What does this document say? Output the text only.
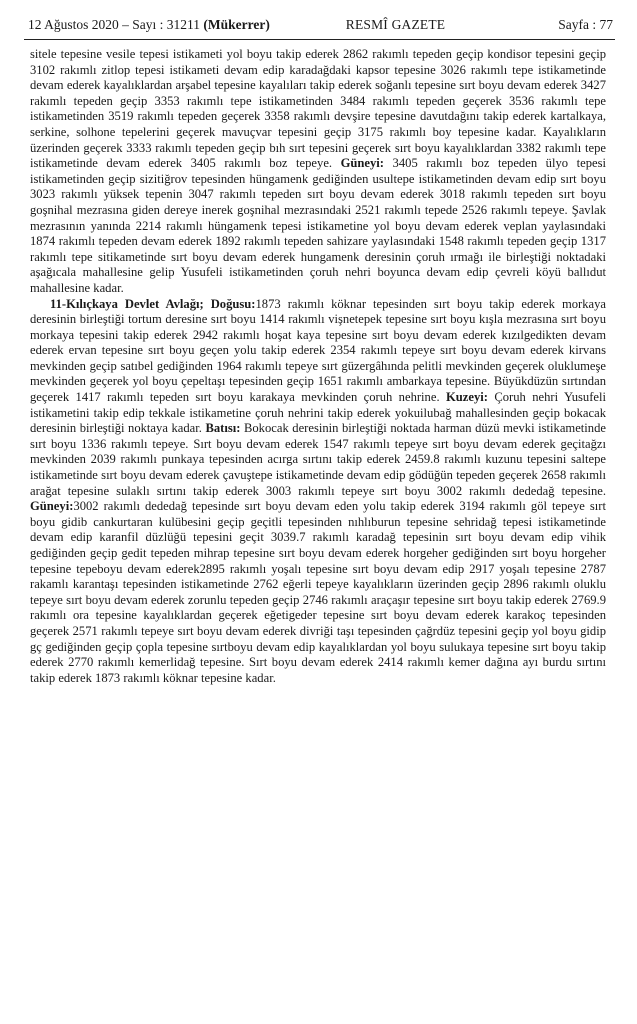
12 Ağustos 2020 – Sayı : 31211 (Mükerrer)	RESMÎ GAZETE	Sayfa : 77

sitele tepesine vesile tepesi istikameti yol boyu takip ederek 2862 rakımlı tepeden geçip kondisor tepesini geçip 3102 rakımlı zitlop tepesi istikameti devam edip karadağdaki kapsor tepesine 3026 rakımlı tepe istikametinde devam ederek kayalıklardan arşabel tepesine kayalıları takip ederek soğanlı tepesine sırt boyu devam ederek 3427 rakımlı tepeden geçip 3353 rakımlı tepe istikametinden 3484 rakımlı tepeden geçerek 3536 rakımlı tepe istikametinden 3519 rakımlı tepeden geçerek 3358 rakımlı devşire tepesine davutdağını takip ederek kartalkaya, serkine, solhone tepelerini geçerek mavuçvar tepesini geçip 3175 rakımlı boy tepesine kadar. Kayalıkların üzerinden geçerek 3333 rakımlı tepeden geçip bıh sırt tepesini geçerek sırt boyu kayalıklardan 3382 rakımlı tepe istikametinde devam ederek 3405 rakımlı boz tepeye. Güneyi: 3405 rakımlı boz tepeden ülyo tepesi istikametinden geçip sizitiğrov tepesinden hüngamenk gediğinden usultepe istikametinden devam edip sırt boyu 3023 rakımlı yüksek tepenin 3047 rakımlı tepeden sırt boyu devam ederek 3018 rakımlı tepeden sırt boyu goşnihal mezrasına giden dereye inerek goşnihal mezrasındaki 2521 rakımlı tepede 2526 rakımlı tepeye. Şavlak mezrasının yanında 2214 rakımlı hüngamenk tepesi istikametine yol boyu devam ederek veplan yaylasındaki 1874 rakımlı tepeden devam ederek 1892 rakımlı tepeden sahizare yaylasındaki 1548 rakımlı tepeden geçip 1317 rakımlı tepe sitikametinde sırt boyu devam ederek hungamenk deresinin çoruh ırmağı ile birleştiği noktadaki aşağıcala mahallesine gelip Yusufeli istikametinden çoruh nehri boyunca devam edip çevreli köyü ballıdut mahallesine kadar.

11-Kılıçkaya Devlet Avlağı; Doğusu:1873 rakımlı köknar tepesinden sırt boyu takip ederek morkaya deresinin birleştiği tortum deresine sırt boyu 1414 rakımlı vişnetepek tepesine sırt boyu kışla mezrasına sırt boyu morkaya tepesini takip ederek 2942 rakımlı hoşat kaya tepesine sırt boyu devam ederek kızılgedikten devam ederek ervan tepesine sırt boyu geçen yolu takip ederek 2354 rakımlı tepeye sırt boyu devam ederek kirvans mevkinden geçip satıbel gediğinden 1964 rakımlı tepeye sırt güzergâhında pelitli mevkinden geçerek oluklumeşe mevkinden geçerek yol boyu çepeltaşı tepesinden geçip 1651 rakımlı ambarkaya tepesine. Büyükdüzün sırtından geçerek 1417 rakımlı tepeden sırt boyu karakaya mevkinden çoruh nehrine. Kuzeyi: Çoruh nehri Yusufeli istikametini takip edip tekkale istikametine çoruh nehrini takip ederek yokuilubağ mahallesinden geçip bokacak deresinin birleştiği noktaya kadar. Batısı: Bokocak deresinin birleştiği noktada harman düzü mevki istikametinde sırt boyu 1336 rakımlı tepeye. Sırt boyu devam ederek 1547 rakımlı tepeye sırt boyu devam ederek geçitağzı mevkinden 2039 rakımlı punkaya tepesinden acırga sırtını takip ederek 2459.8 rakımlı kuzunu tepesini saltepe istikametinde sırt boyu devam ederek çavuştepe istikametinde devam edip gödüğün tepeden geçerek 2658 rakımlı arağat tepesine sulaklı sırtını takip ederek 3003 rakımlı tepeye sırt boyu 3002 rakımlı dededağ tepesine. Güneyi:3002 rakımlı dededağ tepesinde sırt boyu devam eden yolu takip ederek 3194 rakımlı göl tepeye sırt boyu gidib cankurtaran kulübesini geçip geçitli tepesinden nıhlıburun tepesine sehridağ tepesi istikametinde devam edip karanfil düzlüğü tepesini geçit 3039.7 rakımlı karadağ tepesinin sırt boyu devam edip vihik gediğinden geçip gedit tepeden mihrap tepesine sırt boyu devam ederek horgeher gediğinden sırt boyu horgeher tepesine tepeboyu devam ederek2895 rakımlı yoşalı tepesine sırt boyu devam edip 2917 yoşalı tepesine 2787 rakamlı karantaşı tepesinden istikametinde 2762 eğerli tepeye kayalıkların üzerinden geçip 2896 rakımlı oluklu tepeye sırt boyu devam ederek zorunlu tepeden geçip 2746 rakımlı araçaşır tepesine sırt boyu takip ederek 2769.9 rakımlı ora tepesine kayalıklardan geçerek eğetigeder tepesine sırt boyu devam ederek karakoç tepesinden geçerek 2571 rakımlı tepeye sırt boyu devam ederek divriği taşı tepesinden çağrdüz tepesini geçip yol boyu gidip gç gediğinden geçip çopla tepesine sırtboyu devam edip kayalıklardan yol boyu sulukaya tepesine sırt boyu takip ederek 2770 rakımlı kemerlidağ tepesine. Sırt boyu devam ederek 2414 rakımlı kemer dağına ayı burdu sırtını takip ederek 1873 rakımlı köknar tepesine kadar.
